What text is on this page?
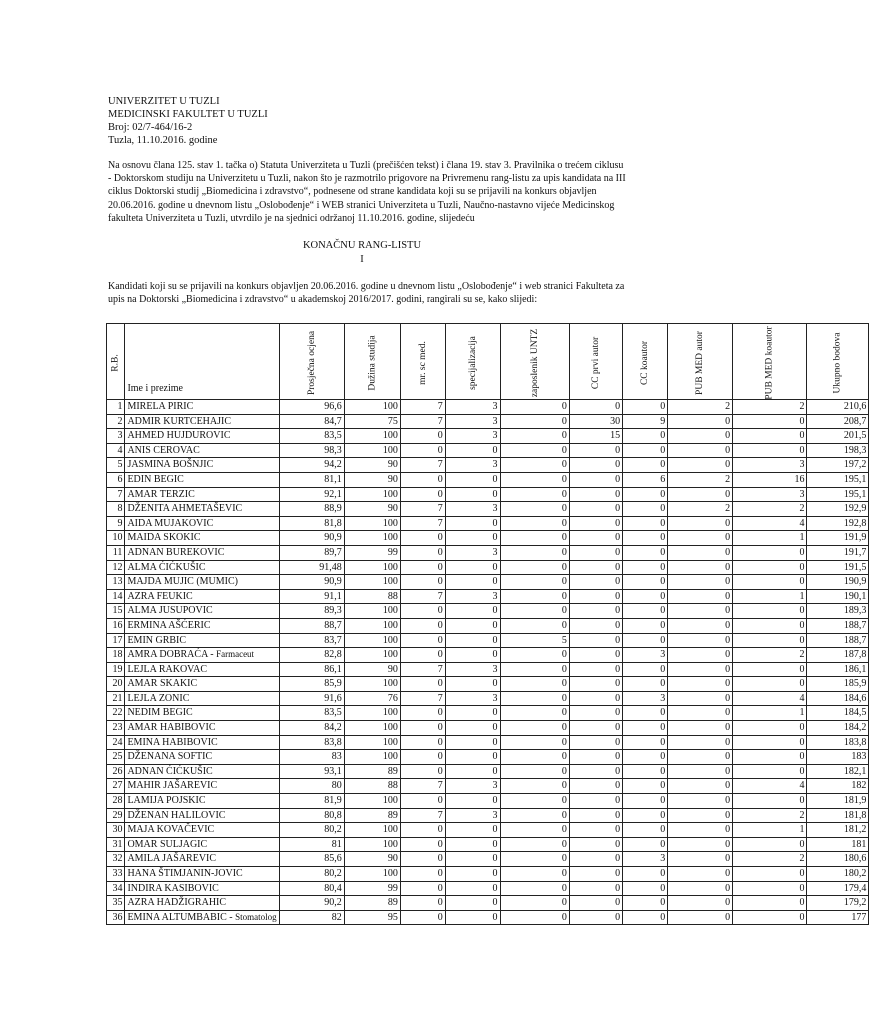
UNIVERZITET U TUZLI
MEDICINSKI FAKULTET U TUZLI
Broj: 02/7-464/16-2
Tuzla, 11.10.2016. godine
Na osnovu člana 125. stav 1. tačka o) Statuta Univerziteta u Tuzli (prečišćen tekst) i člana 19. stav 3. Pravilnika o trećem ciklusu - Doktorskom studiju na Univerzitetu u Tuzli, nakon što je razmotrilo prigovore na Privremenu rang-listu za upis kandidata na III ciklus Doktorski studij „Biomedicina i zdravstvo“, podnesene od strane kandidata koji su se prijavili na konkurs objavljen 20.06.2016. godine u dnevnom listu „Oslobođenje“ i WEB stranici Univerziteta u Tuzli, Naučno-nastavno vijeće Medicinskog fakulteta Univerziteta u Tuzli, utvrdilo je na sjednici održanoj 11.10.2016. godine, slijedeću
KONAČNU RANG-LISTU
I
Kandidati koji su se prijavili na konkurs objavljen 20.06.2016. godine u dnevnom listu „Oslobođenje“ i web stranici Fakulteta za upis na Doktorski „Biomedicina i zdravstvo“ u akademskoj 2016/2017. godini, rangirali su se, kako slijedi:
R.B.	Ime i prezime	Prosječna ocjena	Dužina studija	mr. sc med.	specijalizacija	zaposlenik UNTZ	CC prvi autor	CC koautor	PUB MED autor	PUB MED koautor	Ukupno bodova

1	MIRELA PIRIC	96,6	100	7	3	0	0	0	2	2	210,6
2	ADMIR KURTCEHAJIC	84,7	75	7	3	0	30	9	0	0	208,7
3	AHMED HUJDUROVIC	83,5	100	0	3	0	15	0	0	0	201,5
4	ANIS CEROVAC	98,3	100	0	0	0	0	0	0	0	198,3
5	JASMINA BOŠNJIC	94,2	90	7	3	0	0	0	0	3	197,2
6	EDIN BEGIC	81,1	90	0	0	0	0	6	2	16	195,1
7	AMAR TERZIC	92,1	100	0	0	0	0	0	0	3	195,1
8	DŽENITA AHMETAŠEVIC	88,9	90	7	3	0	0	0	2	2	192,9
9	AIDA MUJAKOVIC	81,8	100	7	0	0	0	0	0	4	192,8
10	MAIDA SKOKIC	90,9	100	0	0	0	0	0	0	1	191,9
11	ADNAN BUREKOVIC	89,7	99	0	3	0	0	0	0	0	191,7
12	ALMA ĆIĆKUŠIC	91,48	100	0	0	0	0	0	0	0	191,5
13	MAJDA MUJIC (MUMIC)	90,9	100	0	0	0	0	0	0	0	190,9
14	AZRA FEUKIC	91,1	88	7	3	0	0	0	0	1	190,1
15	ALMA JUSUPOVIC	89,3	100	0	0	0	0	0	0	0	189,3
16	ERMINA AŠĆERIC	88,7	100	0	0	0	0	0	0	0	188,7
17	EMIN GRBIC	83,7	100	0	0	5	0	0	0	0	188,7
18	AMRA DOBRAĆA - Farmaceut	82,8	100	0	0	0	0	3	0	2	187,8
19	LEJLA RAKOVAC	86,1	90	7	3	0	0	0	0	0	186,1
20	AMAR SKAKIC	85,9	100	0	0	0	0	0	0	0	185,9
21	LEJLA ZONIC	91,6	76	7	3	0	0	3	0	4	184,6
22	NEDIM BEGIC	83,5	100	0	0	0	0	0	0	1	184,5
23	AMAR HABIBOVIC	84,2	100	0	0	0	0	0	0	0	184,2
24	EMINA HABIBOVIC	83,8	100	0	0	0	0	0	0	0	183,8
25	DŽENANA SOFTIC	83	100	0	0	0	0	0	0	0	183
26	ADNAN ĆIĆKUŠIC	93,1	89	0	0	0	0	0	0	0	182,1
27	MAHIR JAŠAREVIC	80	88	7	3	0	0	0	0	4	182
28	LAMIJA POJSKIC	81,9	100	0	0	0	0	0	0	0	181,9
29	DŽENAN HALILOVIC	80,8	89	7	3	0	0	0	0	2	181,8
30	MAJA KOVAČEVIC	80,2	100	0	0	0	0	0	0	1	181,2
31	OMAR SULJAGIC	81	100	0	0	0	0	0	0	0	181
32	AMILA JAŠAREVIC	85,6	90	0	0	0	0	3	0	2	180,6
33	HANA ŠTIMJANIN-JOVIC	80,2	100	0	0	0	0	0	0	0	180,2
34	INDIRA KASIBOVIC	80,4	99	0	0	0	0	0	0	0	179,4
35	AZRA HADŽIGRAHIC	90,2	89	0	0	0	0	0	0	0	179,2
36	EMINA ALTUMBABIC - Stomatolog	82	95	0	0	0	0	0	0	0	177
